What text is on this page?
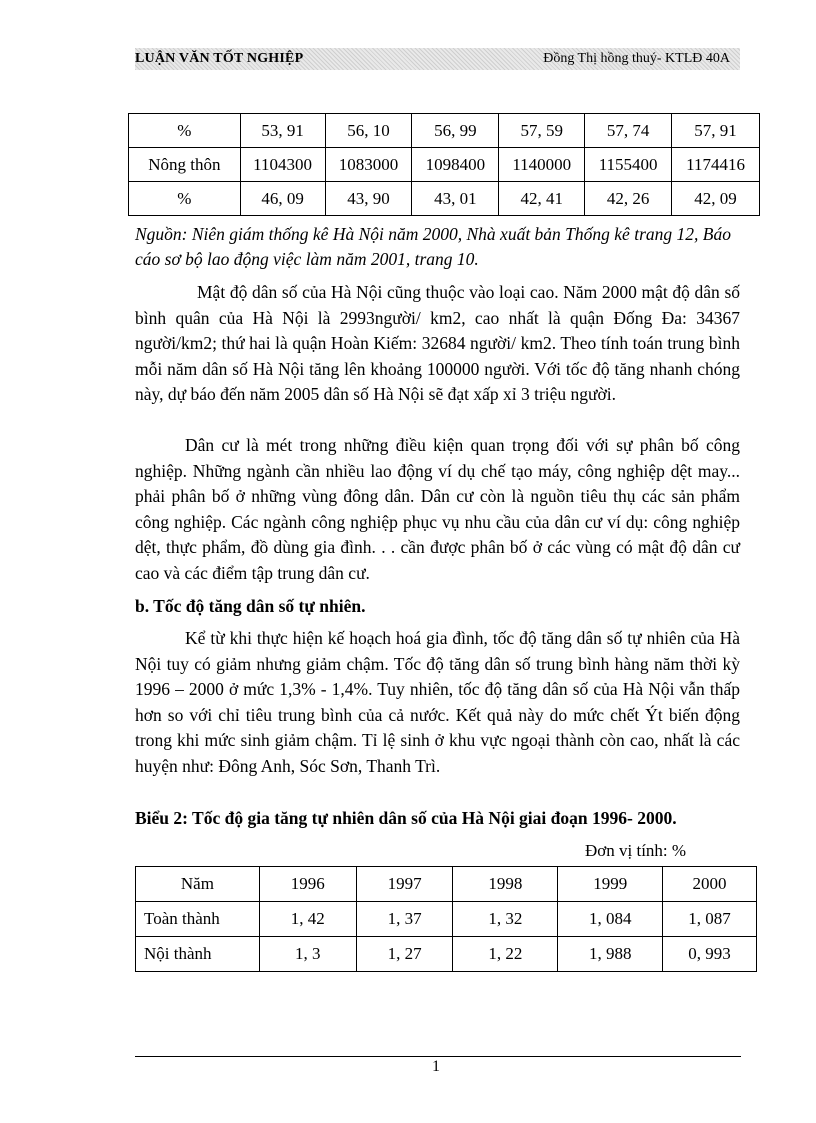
LUẬN VĂN TỐT NGHIỆP	Đồng Thị hồng thuý- KTLĐ 40A
%	53, 91	56, 10	56, 99	57, 59	57, 74	57, 91
Nông thôn	1104300	1083000	1098400	1140000	1155400	1174416
%	46, 09	43, 90	43, 01	42, 41	42, 26	42, 09
Nguồn: Niên giám thống kê Hà Nội năm 2000, Nhà xuất bản Thống kê trang 12, Báo cáo sơ bộ lao động việc làm năm 2001, trang 10.

Mật độ dân số của Hà Nội cũng thuộc vào loại cao. Năm 2000 mật độ dân số bình quân của Hà Nội là 2993người/ km2, cao nhất là quận Đống Đa: 34367 người/km2; thứ hai là quận Hoàn Kiếm: 32684 người/ km2. Theo tính toán trung bình mỗi năm dân số Hà Nội tăng lên khoảng 100000 người. Với tốc độ tăng nhanh chóng này, dự báo đến năm 2005 dân số Hà Nội sẽ đạt xấp xỉ 3 triệu người.

Dân cư là mét trong những điều kiện quan trọng đối với sự phân bố công nghiệp. Những ngành cần nhiều lao động ví dụ chế tạo máy, công nghiệp dệt may... phải phân bố ở những vùng đông dân. Dân cư còn là nguồn tiêu thụ các sản phẩm công nghiệp. Các ngành công nghiệp phục vụ nhu cầu của dân cư ví dụ: công nghiệp dệt, thực phẩm, đồ dùng gia đình. . . cần được phân bố ở các vùng có mật độ dân cư cao và các điểm tập trung dân cư.

b. Tốc độ tăng dân số tự nhiên.

Kể từ khi thực hiện kế hoạch hoá gia đình, tốc độ tăng dân số tự nhiên của Hà Nội tuy có giảm nhưng giảm chậm. Tốc độ tăng dân số trung bình hàng năm thời kỳ 1996 – 2000 ở mức 1,3% - 1,4%. Tuy nhiên, tốc độ tăng dân số của Hà Nội vẫn thấp hơn so với chỉ tiêu trung bình của cả nước. Kết quả này do mức chết Ýt biến động trong khi mức sinh giảm chậm. Tỉ lệ sinh ở khu vực ngoại thành còn cao, nhất là các huyện như: Đông Anh, Sóc Sơn, Thanh Trì.

Biểu 2: Tốc độ gia tăng tự nhiên dân số của Hà Nội giai đoạn 1996- 2000.

Đơn vị tính: %
Năm	1996	1997	1998	1999	2000
Toàn thành	1, 42	1, 37	1, 32	1, 084	1, 087
Nội thành	1, 3	1, 27	1, 22	1, 988	0, 993
1
